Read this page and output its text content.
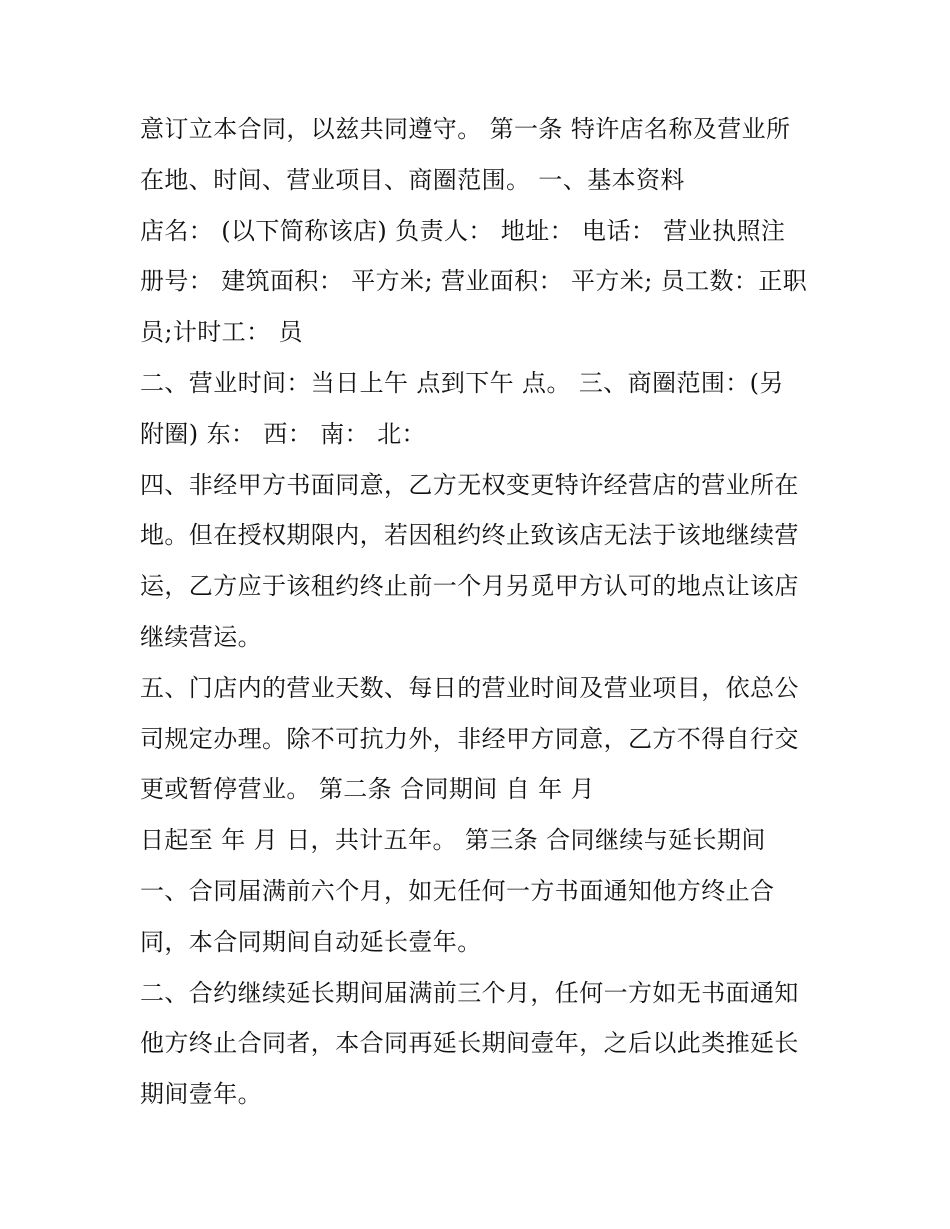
意订立本合同，以兹共同遵守。 第一条 特许店名称及营业所
在地、时间、营业项目、商圈范围。 一、基本资料
店名： (以下简称该店) 负责人： 地址： 电话： 营业执照注
册号： 建筑面积： 平方米; 营业面积： 平方米; 员工数：正职
员;计时工： 员
二、营业时间：当日上午 点到下午 点。 三、商圈范围：(另
附圈) 东： 西： 南： 北：
四、非经甲方书面同意，乙方无权变更特许经营店的营业所在
地。但在授权期限内，若因租约终止致该店无法于该地继续营
运，乙方应于该租约终止前一个月另觅甲方认可的地点让该店
继续营运。
五、门店内的营业天数、每日的营业时间及营业项目，依总公
司规定办理。除不可抗力外，非经甲方同意，乙方不得自行交
更或暂停营业。 第二条 合同期间 自 年 月
日起至 年 月 日，共计五年。 第三条 合同继续与延长期间
一、合同届满前六个月，如无任何一方书面通知他方终止合
同，本合同期间自动延长壹年。
二、合约继续延长期间届满前三个月，任何一方如无书面通知
他方终止合同者，本合同再延长期间壹年，之后以此类推延长
期间壹年。
